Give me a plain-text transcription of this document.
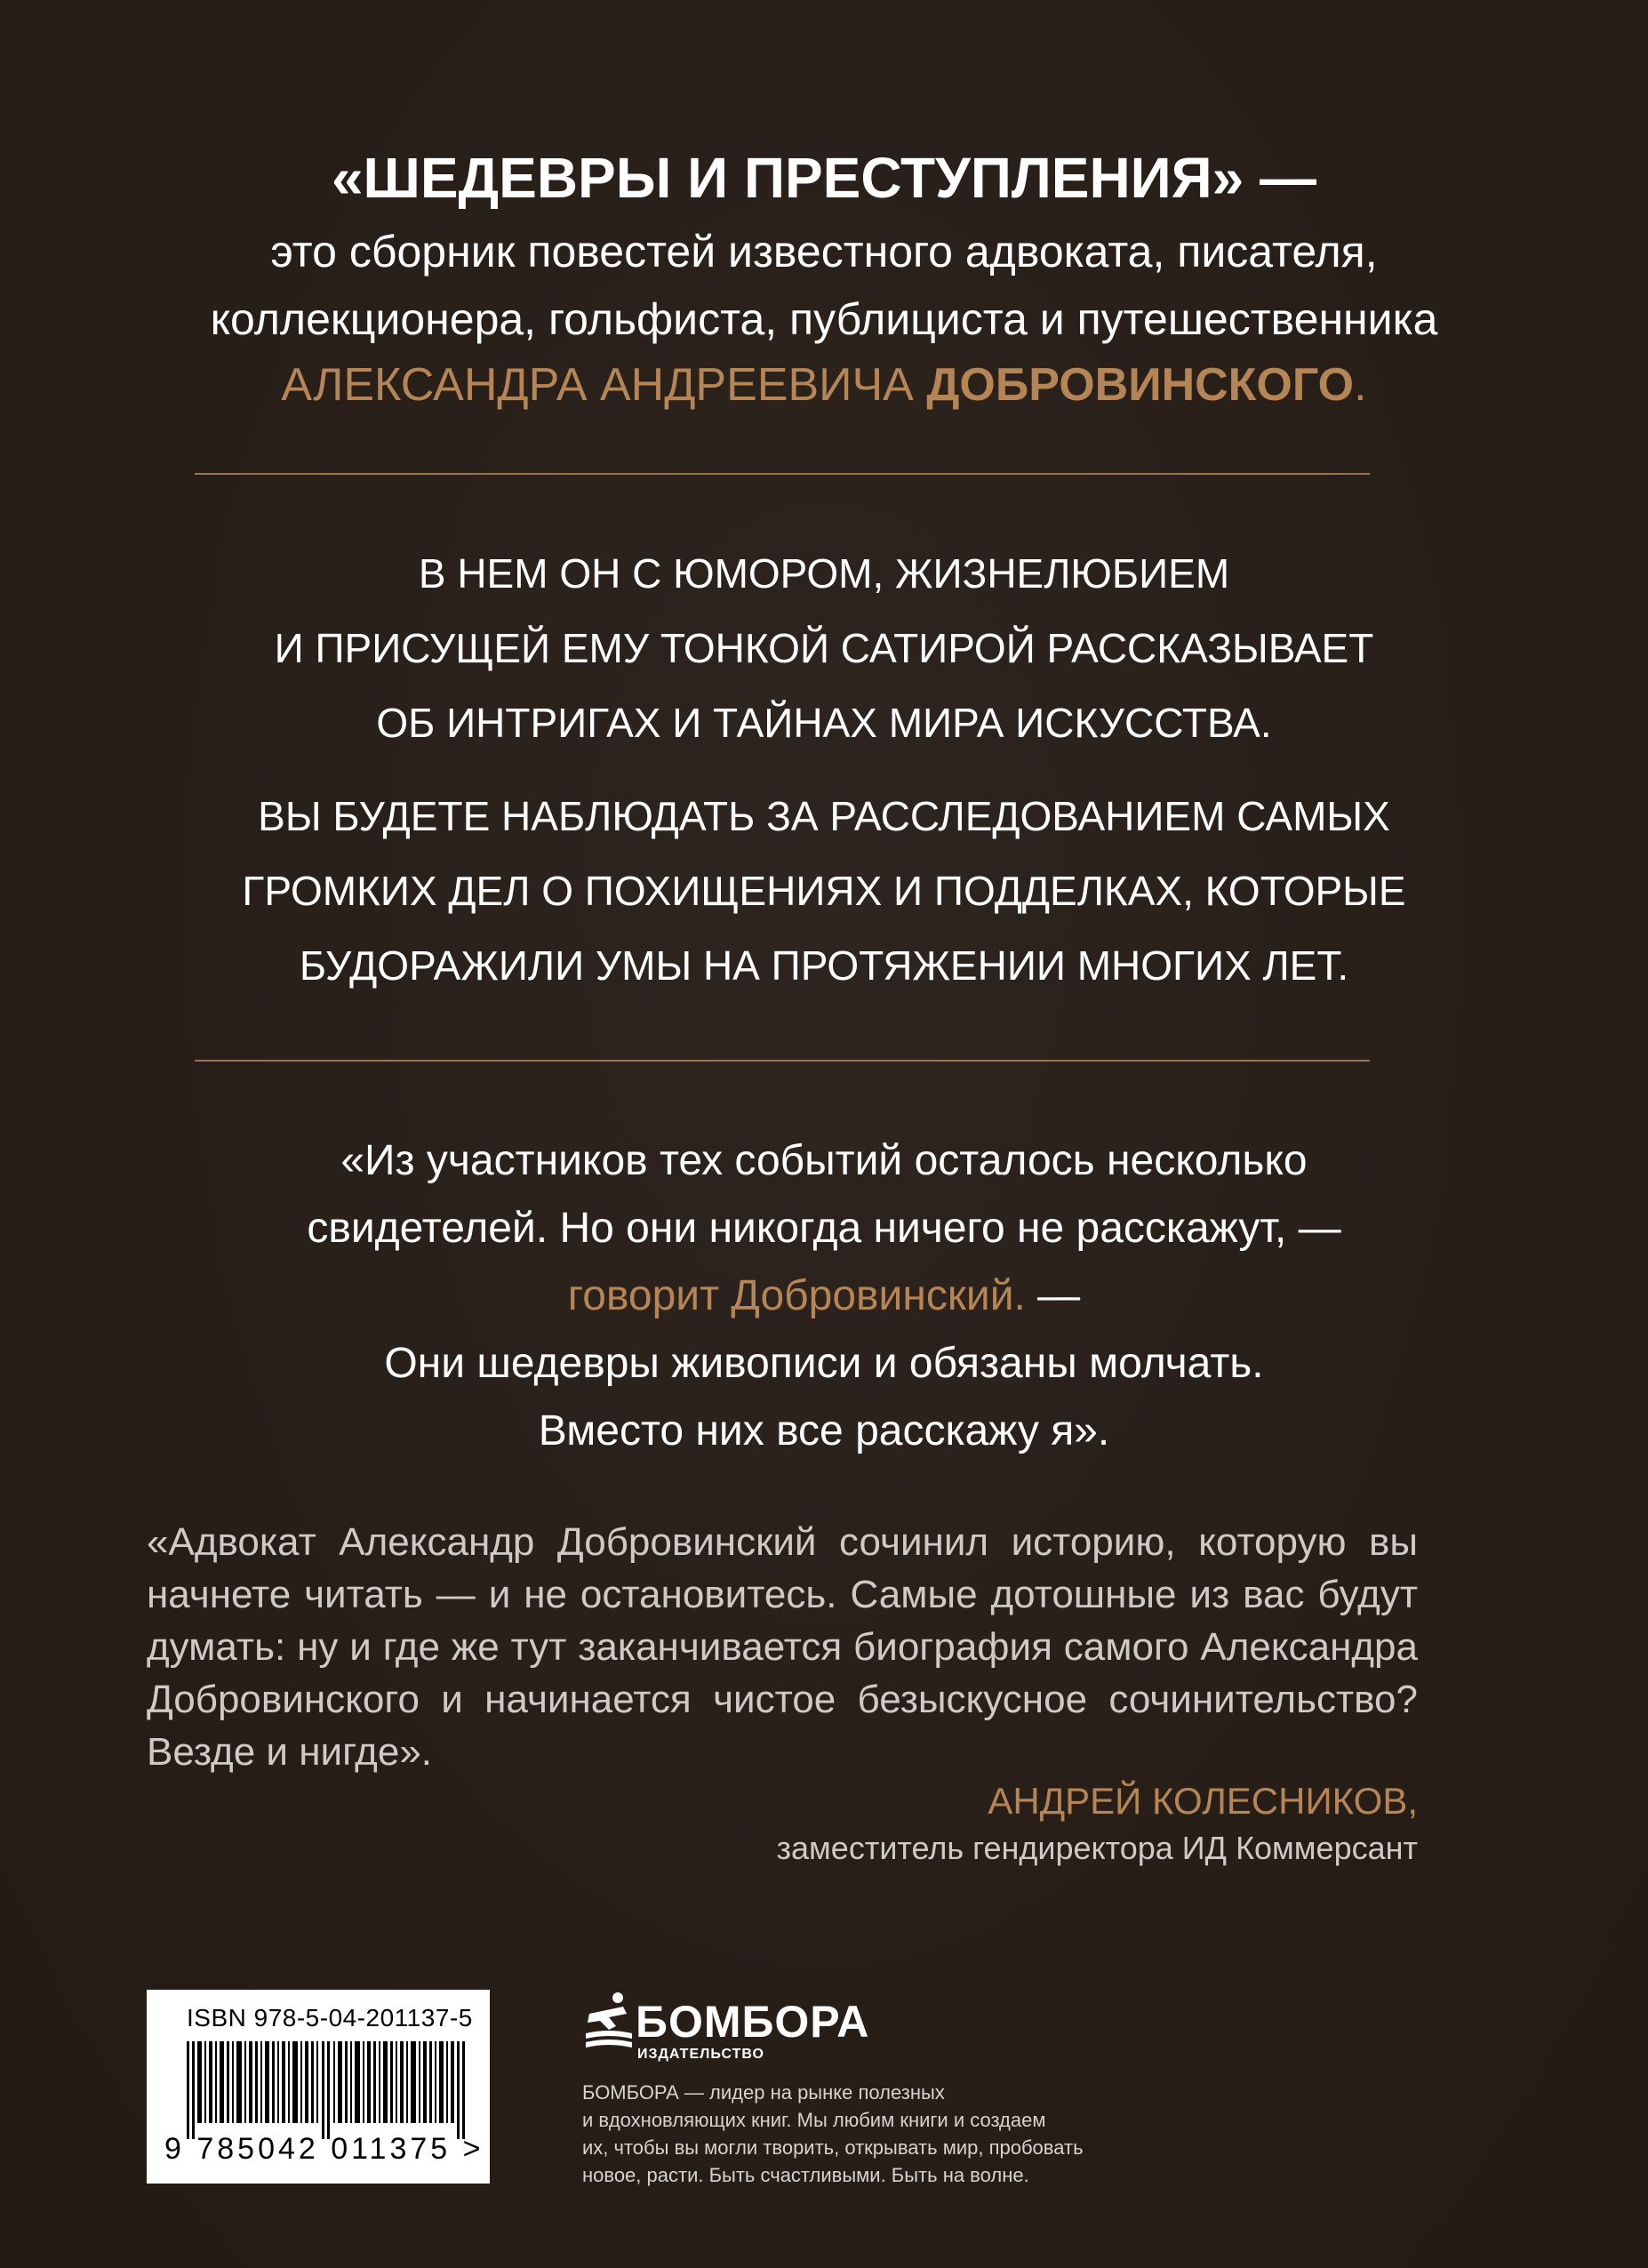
«ШЕДЕВРЫ И ПРЕСТУПЛЕНИЯ» —
это сборник повестей известного адвоката, писателя,
коллекционера, гольфиста, публициста и путешественника
АЛЕКСАНДРА АНДРЕЕВИЧА ДОБРОВИНСКОГО.
В НЕМ ОН С ЮМОРОМ, ЖИЗНЕЛЮБИЕМ
И ПРИСУЩЕЙ ЕМУ ТОНКОЙ САТИРОЙ РАССКАЗЫВАЕТ
ОБ ИНТРИГАХ И ТАЙНАХ МИРА ИСКУССТВА.
ВЫ БУДЕТЕ НАБЛЮДАТЬ ЗА РАССЛЕДОВАНИЕМ САМЫХ
ГРОМКИХ ДЕЛ О ПОХИЩЕНИЯХ И ПОДДЕЛКАХ, КОТОРЫЕ
БУДОРАЖИЛИ УМЫ НА ПРОТЯЖЕНИИ МНОГИХ ЛЕТ.
«Из участников тех событий осталось несколько
свидетелей. Но они никогда ничего не расскажут, —
говорит Добровинский. —
Они шедевры живописи и обязаны молчать.
Вместо них все расскажу я».
«Адвокат Александр Добровинский сочинил историю, которую вы начнете читать — и не остановитесь. Самые дотошные из вас будут думать: ну и где же тут заканчивается биография самого Александра Добровинского и начинается чистое безыскусное сочинительство? Везде и нигде».
АНДРЕЙ КОЛЕСНИКОВ,
заместитель гендиректора ИД Коммерсант
ISBN 978-5-04-201137-5
9 785042 011375 >
БОМБОРА
ИЗДАТЕЛЬСТВО
БОМБОРА — лидер на рынке полезных
и вдохновляющих книг. Мы любим книги и создаем
их, чтобы вы могли творить, открывать мир, пробовать
новое, расти. Быть счастливыми. Быть на волне.
